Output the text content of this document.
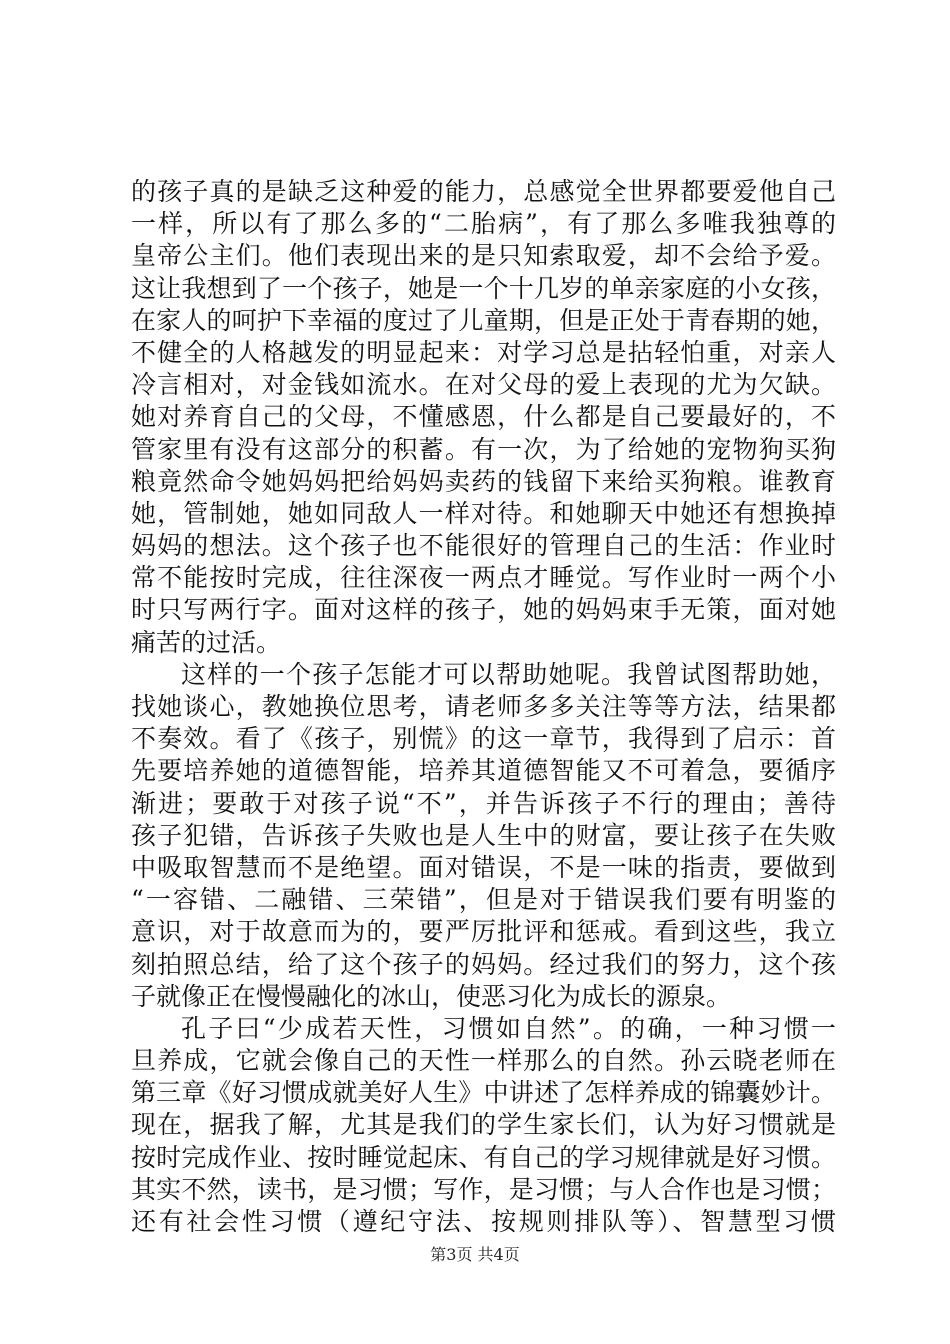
的孩子真的是缺乏这种爱的能力，总感觉全世界都要爱他自己
一样，所以有了那么多的“二胎病”，有了那么多唯我独尊的
皇帝公主们。他们表现出来的是只知索取爱，却不会给予爱。
这让我想到了一个孩子，她是一个十几岁的单亲家庭的小女孩，
在家人的呵护下幸福的度过了儿童期，但是正处于青春期的她，
不健全的人格越发的明显起来：对学习总是拈轻怕重，对亲人
冷言相对，对金钱如流水。在对父母的爱上表现的尤为欠缺。
她对养育自己的父母，不懂感恩，什么都是自己要最好的，不
管家里有没有这部分的积蓄。有一次，为了给她的宠物狗买狗
粮竟然命令她妈妈把给妈妈卖药的钱留下来给买狗粮。谁教育
她，管制她，她如同敌人一样对待。和她聊天中她还有想换掉
妈妈的想法。这个孩子也不能很好的管理自己的生活：作业时
常不能按时完成，往往深夜一两点才睡觉。写作业时一两个小
时只写两行字。面对这样的孩子，她的妈妈束手无策，面对她
痛苦的过活。
这样的一个孩子怎能才可以帮助她呢。我曾试图帮助她，
找她谈心，教她换位思考，请老师多多关注等等方法，结果都
不奏效。看了《孩子，别慌》的这一章节，我得到了启示：首
先要培养她的道德智能，培养其道德智能又不可着急，要循序
渐进；要敢于对孩子说“不”，并告诉孩子不行的理由；善待
孩子犯错，告诉孩子失败也是人生中的财富，要让孩子在失败
中吸取智慧而不是绝望。面对错误，不是一味的指责，要做到
“一容错、二融错、三荣错”，但是对于错误我们要有明鉴的
意识，对于故意而为的，要严厉批评和惩戒。看到这些，我立
刻拍照总结，给了这个孩子的妈妈。经过我们的努力，这个孩
子就像正在慢慢融化的冰山，使恶习化为成长的源泉。
孔子曰“少成若天性，习惯如自然”。的确，一种习惯一
旦养成，它就会像自己的天性一样那么的自然。孙云晓老师在
第三章《好习惯成就美好人生》中讲述了怎样养成的锦囊妙计。
现在，据我了解，尤其是我们的学生家长们，认为好习惯就是
按时完成作业、按时睡觉起床、有自己的学习规律就是好习惯。
其实不然，读书，是习惯；写作，是习惯；与人合作也是习惯；
还有社会性习惯（遵纪守法、按规则排队等）、智慧型习惯
第3页 共4页
